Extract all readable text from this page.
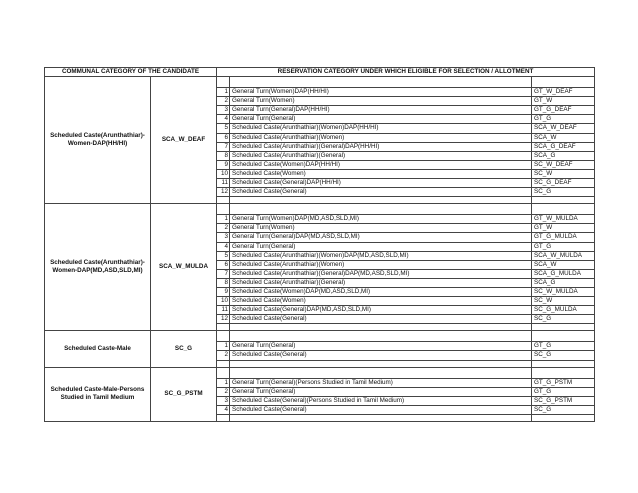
COMMUNAL CATEGORY OF THE CANDIDATE		RESERVATION CATEGORY UNDER WHICH ELIGIBLE FOR SELECTION / ALLOTMENT		
Scheduled Caste(Arunthathiar)-Women-DAP(HH/HI)	SCA_W_DEAF			
		1	General Turn(Women)DAP(HH/HI)	GT_W_DEAF
		2	General Turn(Women)	GT_W
		3	General Turn(General)DAP(HH/HI)	GT_G_DEAF
		4	General Turn(General)	GT_G
		5	Scheduled Caste(Arunthathiar)(Women)DAP(HH/HI)	SCA_W_DEAF
		6	Scheduled Caste(Arunthathiar)(Women)	SCA_W
		7	Scheduled Caste(Arunthathiar)(General)DAP(HH/HI)	SCA_G_DEAF
		8	Scheduled Caste(Arunthathiar)(General)	SCA_G
		9	Scheduled Caste(Women)DAP(HH/HI)	SC_W_DEAF
		10	Scheduled Caste(Women)	SC_W
		11	Scheduled Caste(General)DAP(HH/HI)	SC_G_DEAF
		12	Scheduled Caste(General)	SC_G

Scheduled Caste(Arunthathiar)-Women-DAP(MD,ASD,SLD,MI)	SCA_W_MULDA			
		1	General Turn(Women)DAP(MD,ASD,SLD,MI)	GT_W_MULDA
		2	General Turn(Women)	GT_W
		3	General Turn(General)DAP(MD,ASD,SLD,MI)	GT_G_MULDA
		4	General Turn(General)	GT_G
		5	Scheduled Caste(Arunthathiar)(Women)DAP(MD,ASD,SLD,MI)	SCA_W_MULDA
		6	Scheduled Caste(Arunthathiar)(Women)	SCA_W
		7	Scheduled Caste(Arunthathiar)(General)DAP(MD,ASD,SLD,MI)	SCA_G_MULDA
		8	Scheduled Caste(Arunthathiar)(General)	SCA_G
		9	Scheduled Caste(Women)DAP(MD,ASD,SLD,MI)	SC_W_MULDA
		10	Scheduled Caste(Women)	SC_W
		11	Scheduled Caste(General)DAP(MD,ASD,SLD,MI)	SC_G_MULDA
		12	Scheduled Caste(General)	SC_G

Scheduled Caste-Male	SC_G			
		1	General Turn(General)	GT_G
		2	Scheduled Caste(General)	SC_G

Scheduled Caste-Male-Persons Studied in Tamil Medium	SC_G_PSTM			
		1	General Turn(General)(Persons Studied in Tamil Medium)	GT_G_PSTM
		2	General Turn(General)	GT_G
		3	Scheduled Caste(General)(Persons Studied in Tamil Medium)	SC_G_PSTM
		4	Scheduled Caste(General)	SC_G
